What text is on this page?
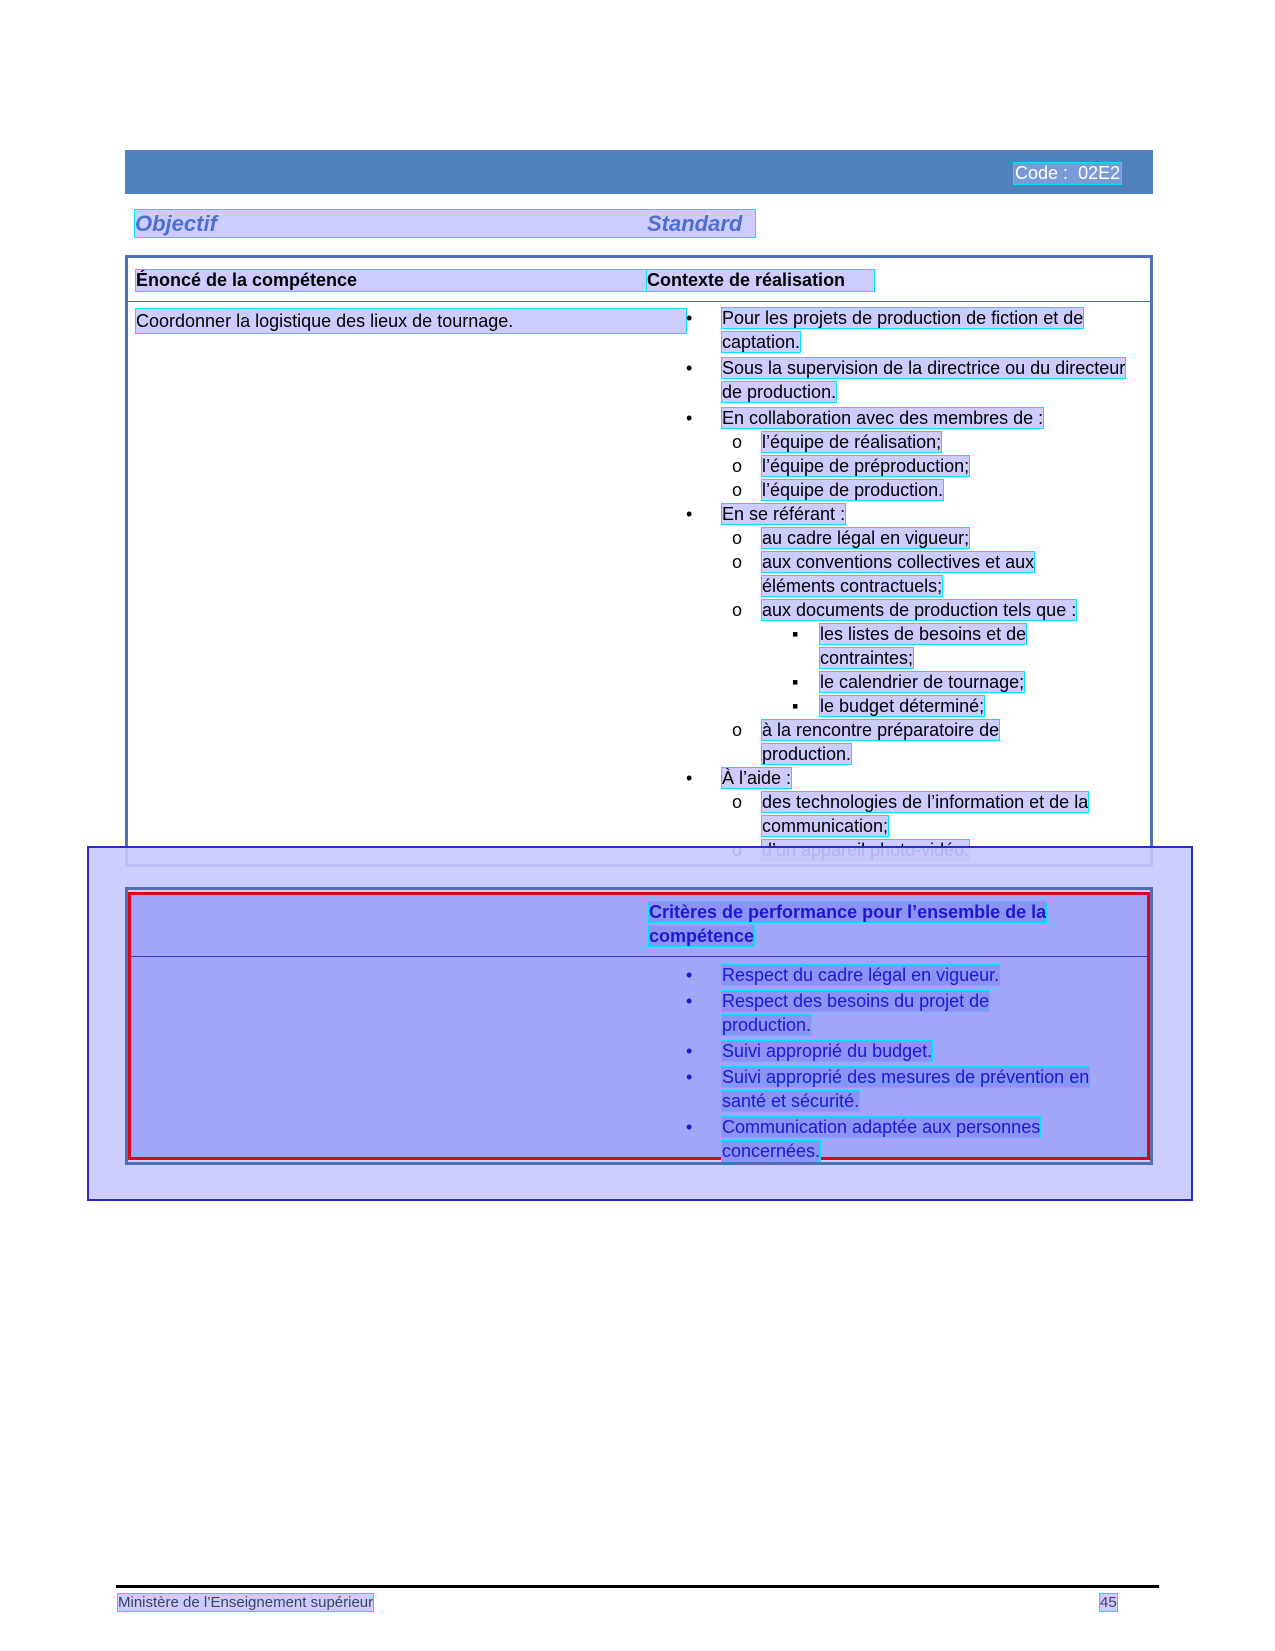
Code : 02E2
Objectif	Standard
Énoncé de la compétence	Contexte de réalisation
Coordonner la logistique des lieux de tournage.	•	Pour les projets de production de fiction et de captation.
• Sous la supervision de la directrice ou du directeur de production.
• En collaboration avec des membres de :
o l’équipe de réalisation;
o l’équipe de préproduction;
o l’équipe de production.
• En se référant :
o au cadre légal en vigueur;
o aux conventions collectives et aux éléments contractuels;
o aux documents de production tels que :
▪ les listes de besoins et de contraintes;
▪ le calendrier de tournage;
▪ le budget déterminé;
o à la rencontre préparatoire de production.
• À l’aide :
o des technologies de l’information et de la communication;
Critères de performance pour l’ensemble de la compétence
• Respect du cadre légal en vigueur.
• Respect des besoins du projet de production.
• Suivi approprié du budget.
• Suivi approprié des mesures de prévention en santé et sécurité.
• Communication adaptée aux personnes concernées.
Ministère de l’Enseignement supérieur	45
